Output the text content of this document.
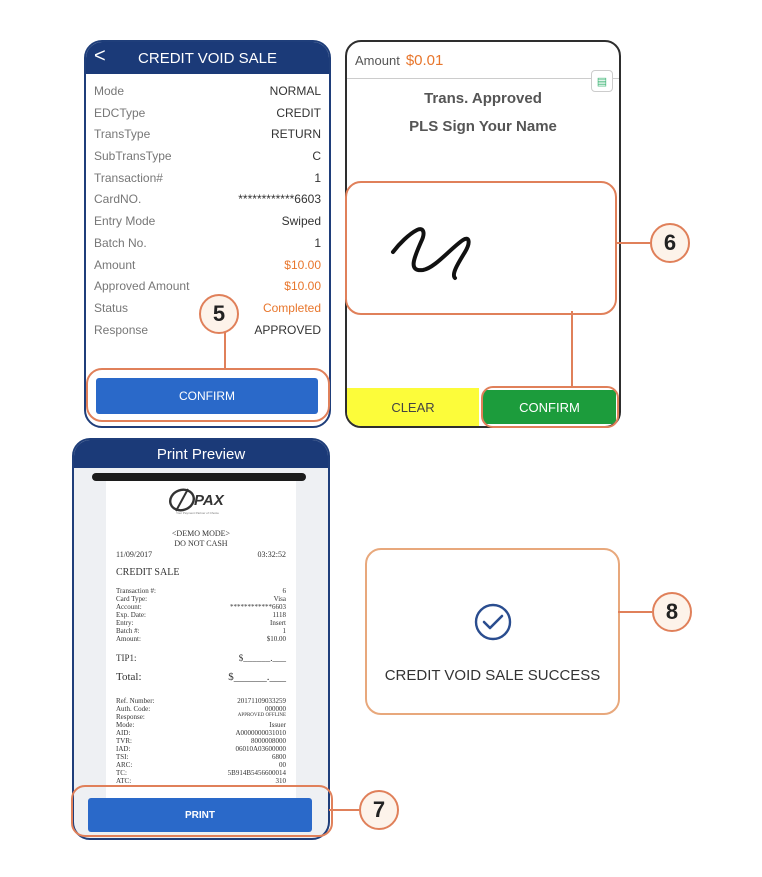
< CREDIT VOID SALE
Mode	NORMAL
EDCType	CREDIT
TransType	RETURN
SubTransType	C
Transaction#	1
CardNO.	************6603
Entry Mode	Swiped
Batch No.	1
Amount	$10.00
Approved Amount	$10.00
Status	Completed
Response	APPROVED
CONFIRM
Amount $0.01
▤
Trans. Approved
PLS Sign Your Name
CLEAR	CONFIRM
Print Preview
PAX
Your Payment Partner of Choice
<DEMO MODE>
DO NOT CASH
11/09/2017	03:32:52
CREDIT SALE
Transaction #:	6
Card Type:	Visa
Account:	************6603
Exp. Date:	1118
Entry:	Insert
Batch #:	1
Amount:	$10.00
TIP1:	$______.___
Total:	$______.___
Ref. Number:	20171109033259
Auth. Code:	000000
Response:	APPROVED OFFLINE
Mode:	Issuer
AID:	A0000000031010
TVR:	8000008000
IAD:	06010A03600000
TSI:	6800
ARC:	00
TC:	5B914B5456600014
ATC:	310
PRINT
CREDIT VOID SALE SUCCESS
5
6
7
8
